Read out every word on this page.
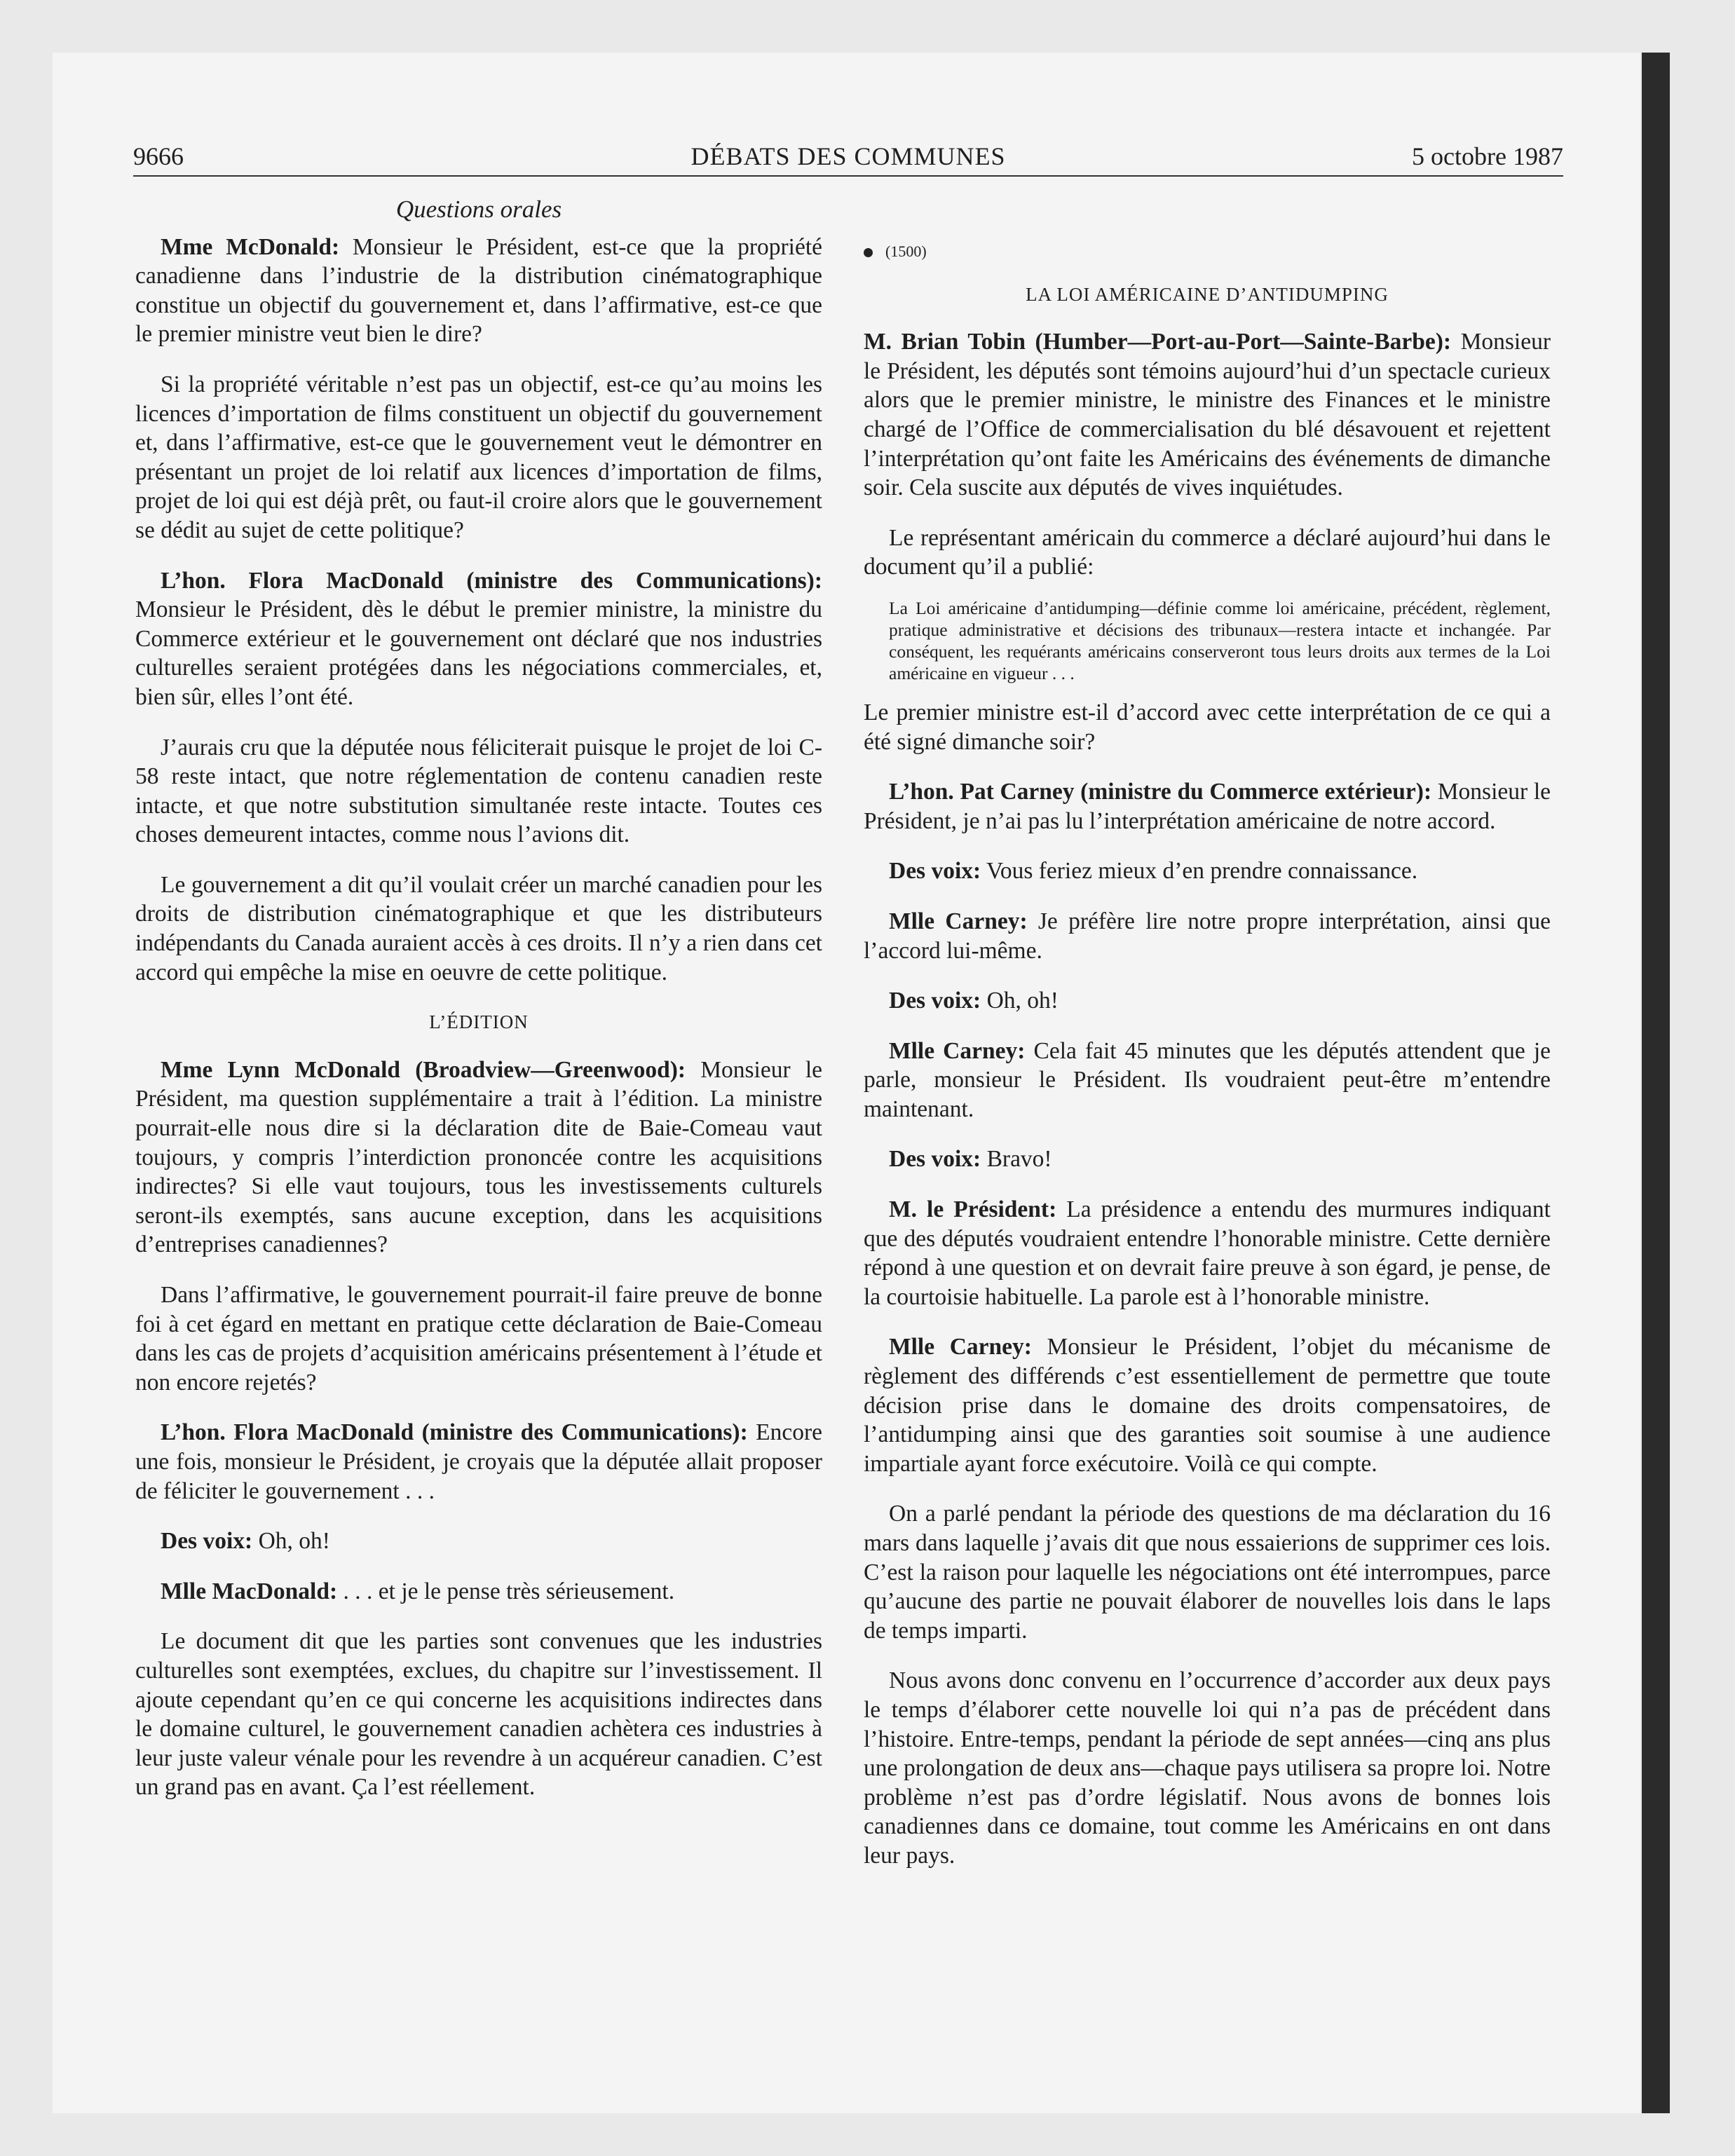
DÉBATS DES COMMUNES
9666	5 octobre 1987
Questions orales

Mme McDonald: Monsieur le Président, est-ce que la propriété canadienne dans l’industrie de la distribution cinématographique constitue un objectif du gouvernement et, dans l’affirmative, est-ce que le premier ministre veut bien le dire?

Si la propriété véritable n’est pas un objectif, est-ce qu’au moins les licences d’importation de films constituent un objectif du gouvernement et, dans l’affirmative, est-ce que le gouvernement veut le démontrer en présentant un projet de loi relatif aux licences d’importation de films, projet de loi qui est déjà prêt, ou faut-il croire alors que le gouvernement se dédit au sujet de cette politique?

L’hon. Flora MacDonald (ministre des Communications): Monsieur le Président, dès le début le premier ministre, la ministre du Commerce extérieur et le gouvernement ont déclaré que nos industries culturelles seraient protégées dans les négociations commerciales, et, bien sûr, elles l’ont été.

J’aurais cru que la députée nous féliciterait puisque le projet de loi C-58 reste intact, que notre réglementation de contenu canadien reste intacte, et que notre substitution simultanée reste intacte. Toutes ces choses demeurent intactes, comme nous l’avions dit.

Le gouvernement a dit qu’il voulait créer un marché canadien pour les droits de distribution cinématographique et que les distributeurs indépendants du Canada auraient accès à ces droits. Il n’y a rien dans cet accord qui empêche la mise en oeuvre de cette politique.

L’ÉDITION

Mme Lynn McDonald (Broadview—Greenwood): Monsieur le Président, ma question supplémentaire a trait à l’édition. La ministre pourrait-elle nous dire si la déclaration dite de Baie-Comeau vaut toujours, y compris l’interdiction prononcée contre les acquisitions indirectes? Si elle vaut toujours, tous les investissements culturels seront-ils exemptés, sans aucune exception, dans les acquisitions d’entreprises canadiennes?

Dans l’affirmative, le gouvernement pourrait-il faire preuve de bonne foi à cet égard en mettant en pratique cette déclaration de Baie-Comeau dans les cas de projets d’acquisition américains présentement à l’étude et non encore rejetés?

L’hon. Flora MacDonald (ministre des Communications): Encore une fois, monsieur le Président, je croyais que la députée allait proposer de féliciter le gouvernement . . .

Des voix: Oh, oh!

Mlle MacDonald: . . . et je le pense très sérieusement.

Le document dit que les parties sont convenues que les industries culturelles sont exemptées, exclues, du chapitre sur l’investissement. Il ajoute cependant qu’en ce qui concerne les acquisitions indirectes dans le domaine culturel, le gouvernement canadien achètera ces industries à leur juste valeur vénale pour les revendre à un acquéreur canadien. C’est un grand pas en avant. Ça l’est réellement.

(1500)
LA LOI AMÉRICAINE D’ANTIDUMPING

M. Brian Tobin (Humber—Port-au-Port—Sainte-Barbe): Monsieur le Président, les députés sont témoins aujourd’hui d’un spectacle curieux alors que le premier ministre, le ministre des Finances et le ministre chargé de l’Office de commercialisation du blé désavouent et rejettent l’interprétation qu’ont faite les Américains des événements de dimanche soir. Cela suscite aux députés de vives inquiétudes.

Le représentant américain du commerce a déclaré aujourd’hui dans le document qu’il a publié:

La Loi américaine d’antidumping—définie comme loi américaine, précédent, règlement, pratique administrative et décisions des tribunaux—restera intacte et inchangée. Par conséquent, les requérants américains conserveront tous leurs droits aux termes de la Loi américaine en vigueur . . .

Le premier ministre est-il d’accord avec cette interprétation de ce qui a été signé dimanche soir?

L’hon. Pat Carney (ministre du Commerce extérieur): Monsieur le Président, je n’ai pas lu l’interprétation américaine de notre accord.

Des voix: Vous feriez mieux d’en prendre connaissance.

Mlle Carney: Je préfère lire notre propre interprétation, ainsi que l’accord lui-même.

Des voix: Oh, oh!

Mlle Carney: Cela fait 45 minutes que les députés attendent que je parle, monsieur le Président. Ils voudraient peut-être m’entendre maintenant.

Des voix: Bravo!

M. le Président: La présidence a entendu des murmures indiquant que des députés voudraient entendre l’honorable ministre. Cette dernière répond à une question et on devrait faire preuve à son égard, je pense, de la courtoisie habituelle. La parole est à l’honorable ministre.

Mlle Carney: Monsieur le Président, l’objet du mécanisme de règlement des différends c’est essentiellement de permettre que toute décision prise dans le domaine des droits compensatoires, de l’antidumping ainsi que des garanties soit soumise à une audience impartiale ayant force exécutoire. Voilà ce qui compte.

On a parlé pendant la période des questions de ma déclaration du 16 mars dans laquelle j’avais dit que nous essaierions de supprimer ces lois. C’est la raison pour laquelle les négociations ont été interrompues, parce qu’aucune des partie ne pouvait élaborer de nouvelles lois dans le laps de temps imparti.

Nous avons donc convenu en l’occurrence d’accorder aux deux pays le temps d’élaborer cette nouvelle loi qui n’a pas de précédent dans l’histoire. Entre-temps, pendant la période de sept années—cinq ans plus une prolongation de deux ans—chaque pays utilisera sa propre loi. Notre problème n’est pas d’ordre législatif. Nous avons de bonnes lois canadiennes dans ce domaine, tout comme les Américains en ont dans leur pays.
